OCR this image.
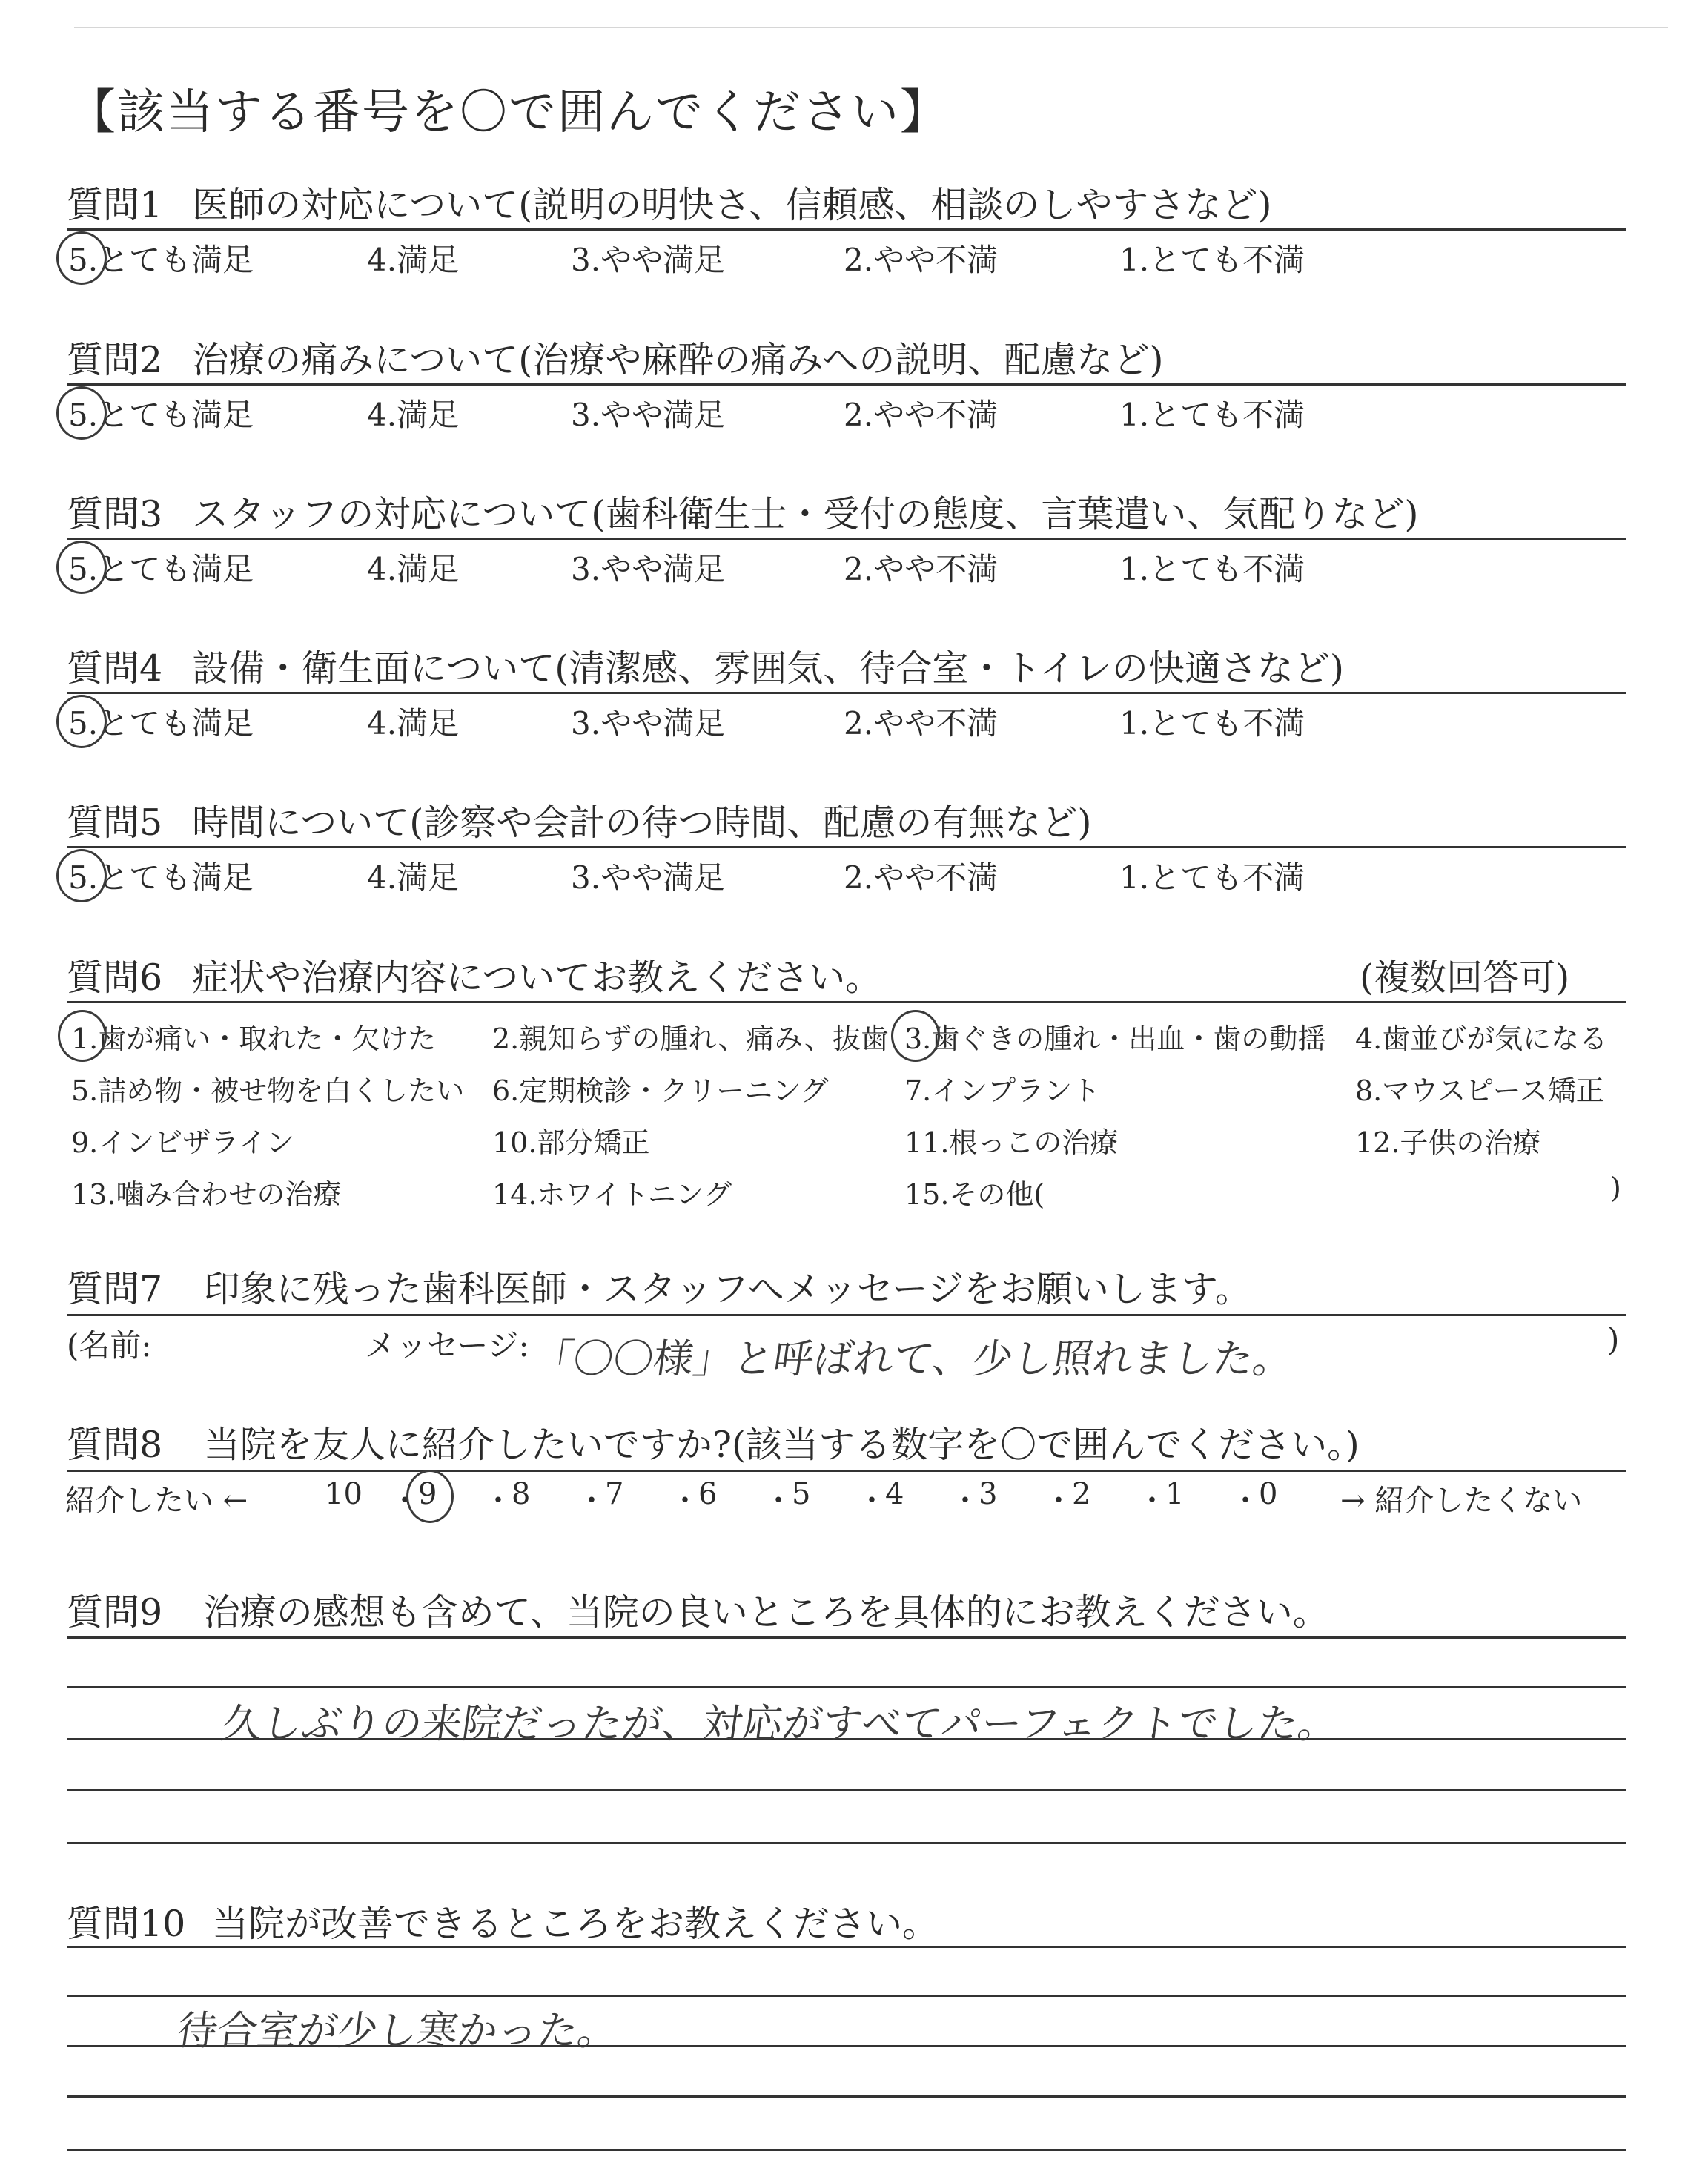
【該当する番号を〇で囲んでください】
質問1 医師の対応について(説明の明快さ、信頼感、相談のしやすさなど)
5.とても満足	4.満足	3.やや満足	2.やや不満	1.とても不満
質問2 治療の痛みについて(治療や麻酔の痛みへの説明、配慮など)
5.とても満足	4.満足	3.やや満足	2.やや不満	1.とても不満
質問3 スタッフの対応について(歯科衛生士・受付の態度、言葉遣い、気配りなど)
5.とても満足	4.満足	3.やや満足	2.やや不満	1.とても不満
質問4 設備・衛生面について(清潔感、雰囲気、待合室・トイレの快適さなど)
5.とても満足	4.満足	3.やや満足	2.やや不満	1.とても不満
質問5 時間について(診察や会計の待つ時間、配慮の有無など)
5.とても満足	4.満足	3.やや満足	2.やや不満	1.とても不満
質問6 症状や治療内容についてお教えください。	(複数回答可)
1.歯が痛い・取れた・欠けた 2.親知らずの腫れ、痛み、抜歯 3.歯ぐきの腫れ・出血・歯の動揺 4.歯並びが気になる
5.詰め物・被せ物を白くしたい 6.定期検診・クリーニング	7.インプラント	8.マウスピース矯正
9.インビザライン	10.部分矯正	11.根っこの治療	12.子供の治療
13.噛み合わせの治療	14.ホワイトニング	15.その他(	)
質問7 印象に残った歯科医師・スタッフへメッセージをお願いします。
(名前:	メッセージ: 「〇〇様」と呼ばれて、少し照れました。	)
質問8 当院を友人に紹介したいですか?(該当する数字を〇で囲んでください。)
紹介したい ←	10 ・
9 ・
8 ・
7 ・
6 ・
5 ・
4 ・
3 ・
2 ・
1 ・
0 → 紹介したくない
質問9 治療の感想も含めて、当院の良いところを具体的にお教えください。
久しぶりの来院だったが、対応がすべてパーフェクトでした。
質問10 当院が改善できるところをお教えください。
待合室が少し寒かった。
